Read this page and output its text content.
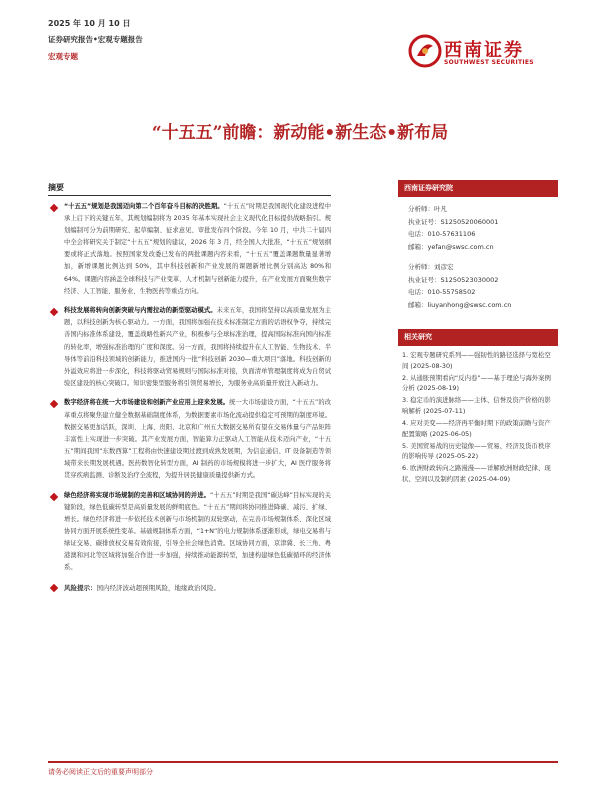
2025 年 10 月 10 日
证券研究报告•宏观专题报告
宏观专题	西南证券
SOUTHWEST SECURITIES
“十五五”前瞻：新动能•新生态•新布局
摘要
“十五五”规划是我国迈向第二个百年奋斗目标的决胜期。“十五五”时期是我国现代化建设进程中承上启下的关键五年，其规划编制将为 2035 年基本实现社会主义现代化目标提供战略指引。规划编制可分为前期研究、起草编制、征求意见、审批发布四个阶段。今年 10 月，中共二十届四中全会将研究关于制定“十五五”规划的建议，2026 年 3 月，经全国人大批准，“十五五”规划纲要或将正式落地。按照国家发改委已发布的两批课题内容来看，“十五五”覆盖课题数量显著增加，新增课题比例达到 50%，其中科技创新和产业发展的课题新增比例分别高达 80%和 64%。课题内容涵盖全球科技与产业变革、人才机制与创新能力提升，在产业发展方面聚焦数字经济、人工智能、服务业、生物医药等重点方向。
科技发展将转向创新突破与内需拉动的新型驱动模式。未来五年，我国将坚持以高质量发展为主题，以科技创新为核心驱动力。一方面，我国将加强在技术标准制定方面的话语权争夺，持续完善国内标准体系建设，覆盖战略性新兴产业，积极参与全球标准治理，提高国际标准向国内标准的转化率，增强标准治理的广度和深度。另一方面，我国将持续提升在人工智能、生物技术、半导体等前沿科技领域的创新能力，推进国内一批“科技创新 2030—重大项目”落地。科技创新的外溢效应将进一步深化，科技将驱动贸易规则与国际标准对接，负面清单管理制度将成为自贸试验区建设的核心突破口。知识密集型服务将引领贸易增长，为服务业高质量开放注入新动力。
数字经济将在统一大市场建设和创新产业应用上迎来发展。统一大市场建设方面，“十五五”的改革重点将聚焦建立健全数据基础制度体系，为数据要素市场化流动提供稳定可预期的制度环境。数据交易更加活跃，深圳、上海、贵阳、北京和广州五大数据交易所有望在交易体量与产品矩阵丰富性上实现进一步突破。其产业发展方面，智能算力正驱动人工智能从技术迈向产业，“十五五”期间我国“东数西算”工程将由快速建设期过渡到成熟发展期，为信息通信、IT 设备制造等领域带来长期发展机遇。医药数智化转型方面，AI 制药的市场规模将进一步扩大，AI 医疗服务将贯穿疾病监测、诊断及治疗全流程，为提升居民健康质量提供新方式。
绿色经济将实现市场规制的完善和区域协同的并进。“十五五”时期是我国“碳达峰”目标实现的关键阶段，绿色低碳转型是高质量发展的鲜明底色。“十五五”期间将协同推进降碳、减污、扩绿、增长。绿色经济将进一步依托技术创新与市场机制的双轮驱动，在完善市场规制体系、深化区域协同方面开展系统性变革。基础规制体系方面，“1+N”的电力规制体系逐渐形成，绿电交易将与绿证交易、碳排放权交易有效衔接，引导全社会绿色消费。区域协同方面，京津冀、长三角、粤港澳和河北等区域将加强合作进一步加强，持续推动能源转型，加速构建绿色低碳循环的经济体系。
风险提示：国内经济波动超预期风险，地缘政治风险。
西南证券研究院
分析师：叶凡
执业证号：S1250520060001
电话：010-57631106
邮箱：yefan@swsc.com.cn
分析师：刘彦宏
执业证号：S1250523030002
电话：010-55758502
邮箱：liuyanhong@swsc.com.cn
相关研究
1. 宏观专题研究系列——强韧性的路径选择与宽松空间 (2025-08-30)
2. 从通胀预期看向“反内卷”——基于理论与海外案例分析 (2025-08-19)
3. 稳定币的演进脉络——主体、信誉及资产价格的影响解析 (2025-07-11)
4. 应对美变——经济再平衡时期下的政策前瞻与资产配置策略 (2025-06-05)
5. 美国贸易战的历史镜像——贸易、经济及货币秩序的影响传导 (2025-05-22)
6. 欧洲财政转向之路漫漫——详解欧洲财政纪律、现状、空间以及制约因素 (2025-04-09)
请务必阅读正文后的重要声明部分
